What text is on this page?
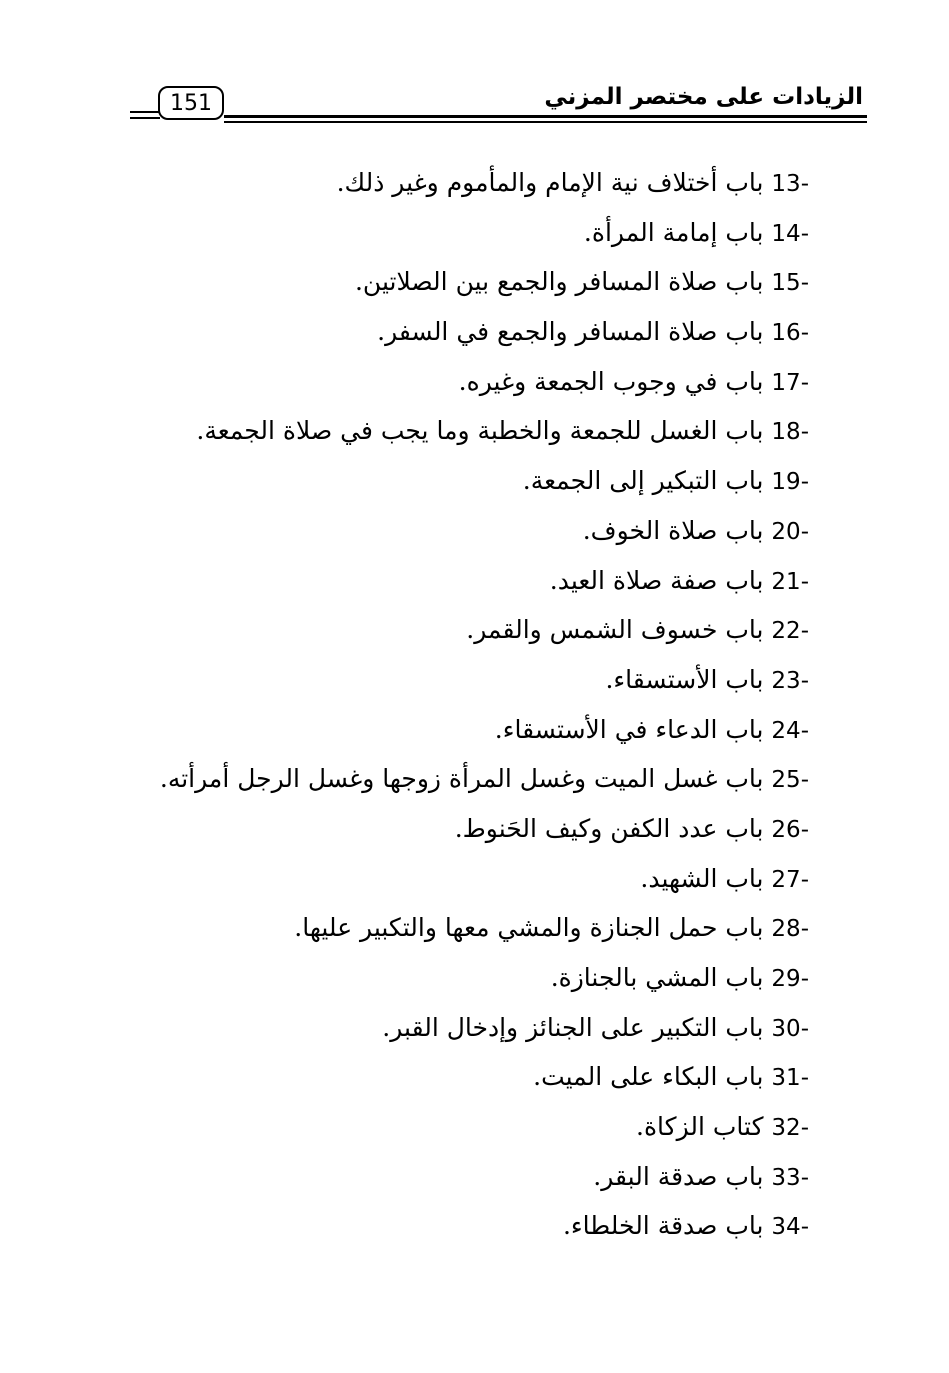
الزيادات على مختصر المزني
151
13- باب أختلاف نية الإمام والمأموم وغير ذلك.
14- باب إمامة المرأة.
15- باب صلاة المسافر والجمع بين الصلاتين.
16- باب صلاة المسافر والجمع في السفر.
17- باب في وجوب الجمعة وغيره.
18- باب الغسل للجمعة والخطبة وما يجب في صلاة الجمعة.
19- باب التبكير إلى الجمعة.
20- باب صلاة الخوف.
21- باب صفة صلاة العيد.
22- باب خسوف الشمس والقمر.
23- باب الأستسقاء.
24- باب الدعاء في الأستسقاء.
25- باب غسل الميت وغسل المرأة زوجها وغسل الرجل أمرأته.
26- باب عدد الكفن وكيف الحَنوط.
27- باب الشهيد.
28- باب حمل الجنازة والمشي معها والتكبير عليها.
29- باب المشي بالجنازة.
30- باب التكبير على الجنائز وإدخال القبر.
31- باب البكاء على الميت.
32- كتاب الزكاة.
33- باب صدقة البقر.
34- باب صدقة الخلطاء.
